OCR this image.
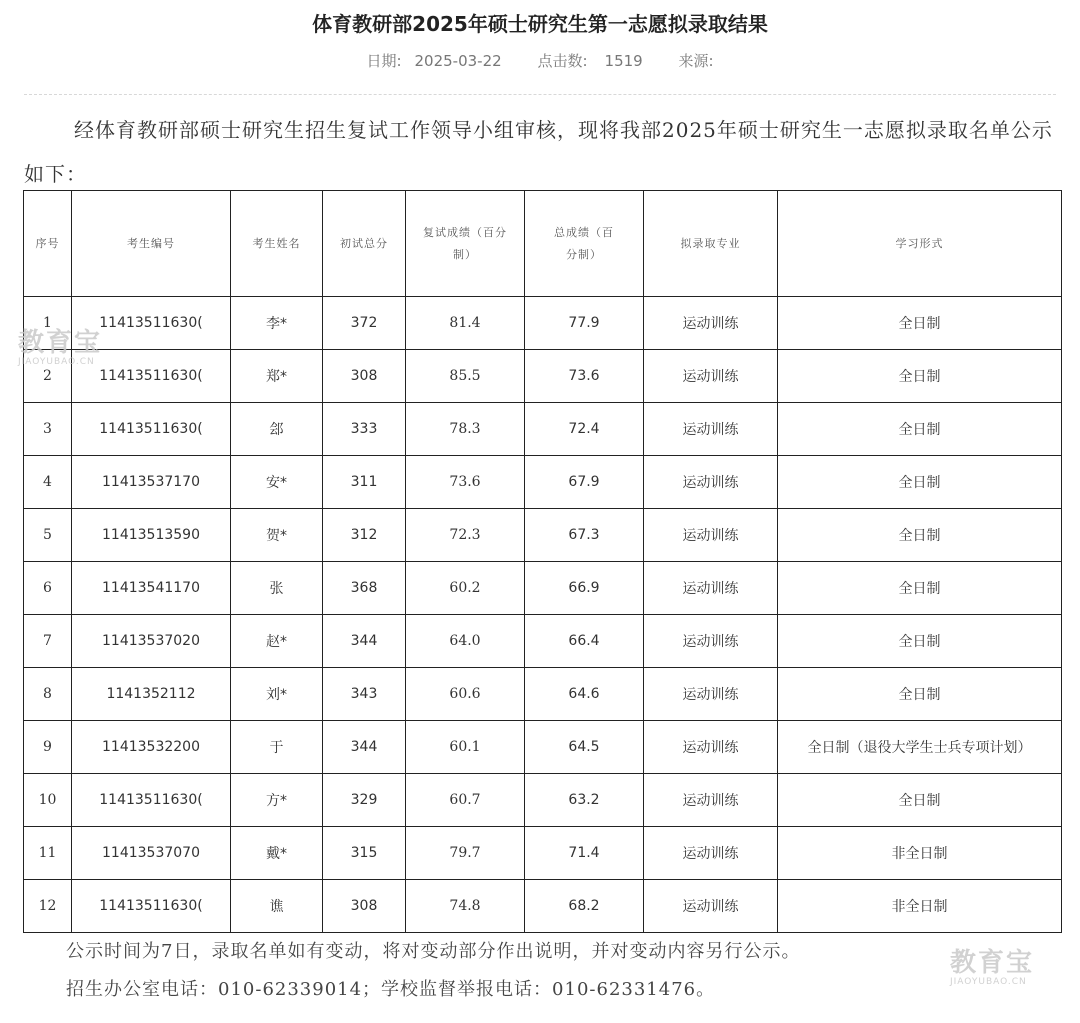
体育教研部2025年硕士研究生第一志愿拟录取结果
日期: 2025-03-22 点击数: 1519 来源:
经体育教研部硕士研究生招生复试工作领导小组审核，现将我部2025年硕士研究生一志愿拟录取名单公示如下：
序号	考生编号	考生姓名	初试总分	复试成绩（百分制）	总成绩（百分制）	拟录取专业	学习形式
1	11413511630(	李*	372	81.4	77.9	运动训练	全日制
2	11413511630(	郑*	308	85.5	73.6	运动训练	全日制
3	11413511630(	郐	333	78.3	72.4	运动训练	全日制
4	11413537170	安*	311	73.6	67.9	运动训练	全日制
5	11413513590	贺*	312	72.3	67.3	运动训练	全日制
6	11413541170	张	368	60.2	66.9	运动训练	全日制
7	11413537020	赵*	344	64.0	66.4	运动训练	全日制
8	1141352112	刘*	343	60.6	64.6	运动训练	全日制
9	11413532200	于	344	60.1	64.5	运动训练	全日制（退役大学生士兵专项计划）
10	11413511630(	方*	329	60.7	63.2	运动训练	全日制
11	11413537070	戴*	315	79.7	71.4	运动训练	非全日制
12	11413511630(	谯	308	74.8	68.2	运动训练	非全日制
公示时间为7日，录取名单如有变动，将对变动部分作出说明，并对变动内容另行公示。
招生办公室电话：010-62339014；学校监督举报电话：010-62331476。
教育宝
JIAOYUBAO.CN
教育宝
JIAOYUBAO.CN
